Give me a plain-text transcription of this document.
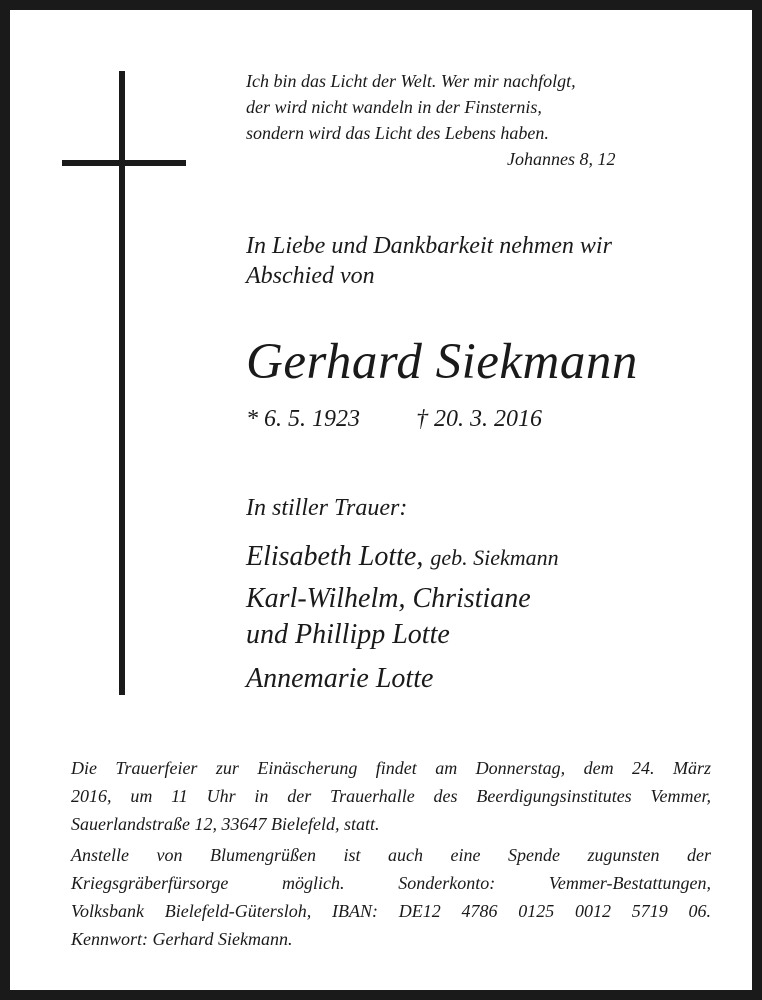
Ich bin das Licht der Welt. Wer mir nachfolgt,
der wird nicht wandeln in der Finsternis,
sondern wird das Licht des Lebens haben.
Johannes 8, 12
In Liebe und Dankbarkeit nehmen wir
Abschied von
Gerhard Siekmann
* 6. 5. 1923 † 20. 3. 2016
In stiller Trauer:
Elisabeth Lotte, geb. Siekmann
Karl-Wilhelm, Christiane
und Phillipp Lotte
Annemarie Lotte
Die Trauerfeier zur Einäscherung findet am Donnerstag, dem 24. März
2016, um 11 Uhr in der Trauerhalle des Beerdigungsinstitutes Vemmer,
Sauerlandstraße 12, 33647 Bielefeld, statt.
Anstelle von Blumengrüßen ist auch eine Spende zugunsten der
Kriegsgräberfürsorge möglich. Sonderkonto: Vemmer-Bestattungen,
Volksbank Bielefeld-Gütersloh, IBAN: DE12 4786 0125 0012 5719 06.
Kennwort: Gerhard Siekmann.
